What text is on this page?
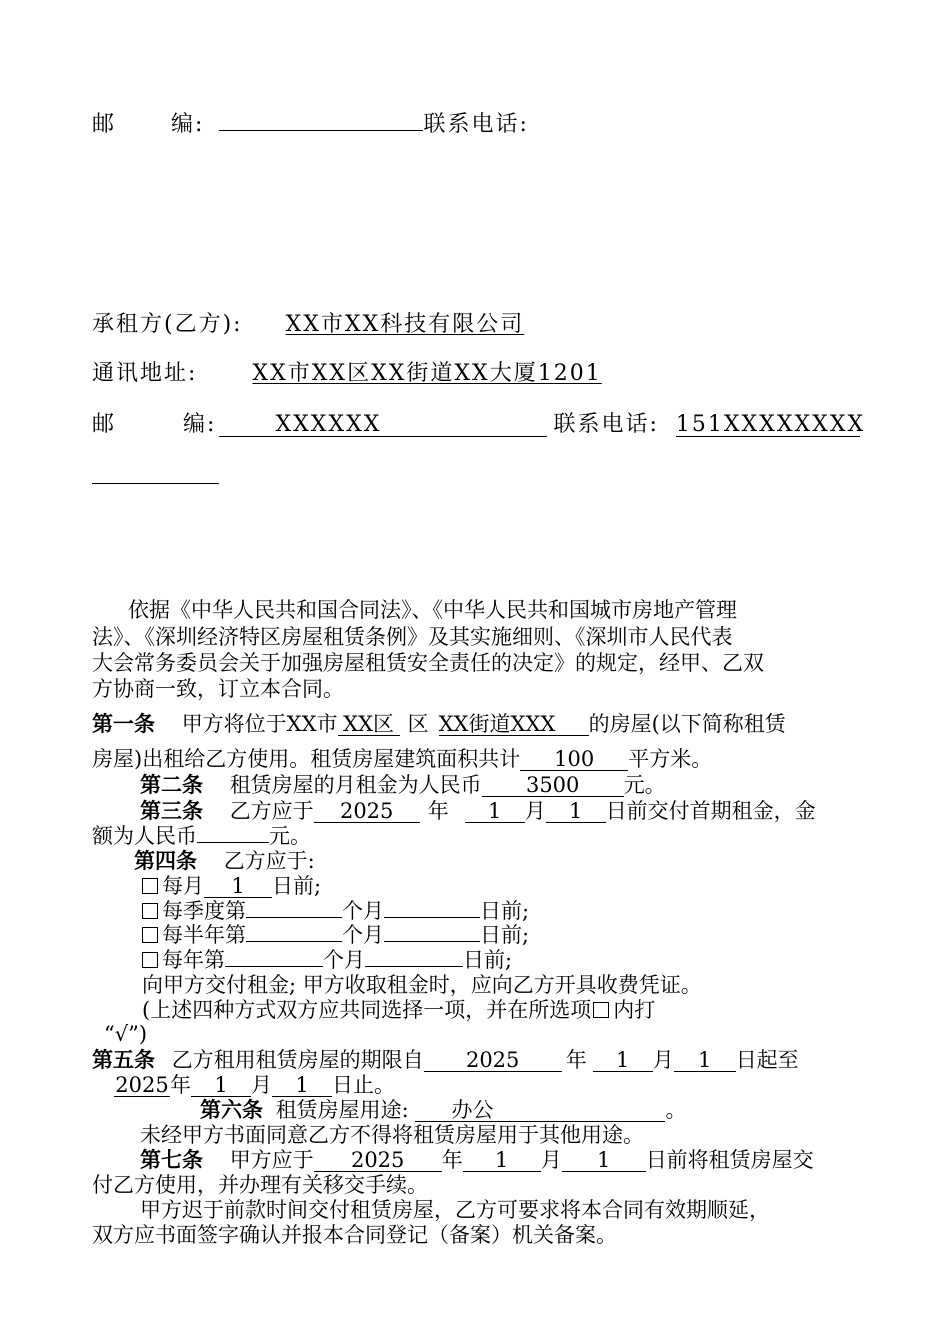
邮	编:	联系电话:
承租方(乙方): XX市XX科技有限公司
通讯地址:	XX市XX区XX街道XX大厦1201
邮	编:	XXXXXX	联系电话: 151XXXXXXXX
依据《中华人民共和国合同法》、《中华人民共和国城市房地产管理
法》、《深圳经济特区房屋租赁条例》及其实施细则、《深圳市人民代表
大会常务委员会关于加强房屋租赁安全责任的决定》的规定，经甲、乙双
方协商一致，订立本合同。
第一条 甲方将位于XX市 XX区 区 XX街道XXX 的房屋(以下简称租赁
房屋)出租给乙方使用。租赁房屋建筑面积共计 100 平方米。
第二条 租赁房屋的月租金为人民币 3500 元。
第三条 乙方应于 2025 年 1 月 1 日前交付首期租金，金
额为人民币	元。
第四条 乙方应于:
每月 1 日前;
每季度第	个月	日前;
每半年第	个月	日前;
每年第	个月	日前;
向甲方交付租金; 甲方收取租金时，应向乙方开具收费凭证。
(上述四种方式双方应共同选择一项，并在所选项 内打
“√”)
第五条 乙方租用租赁房屋的期限自 2025 年 1 月 1 日起至
2025年 1 月 1 日止。
第六条 租赁房屋用途: 办公	。
未经甲方书面同意乙方不得将租赁房屋用于其他用途。
第七条 甲方应于 2025 年 1 月 1 日前将租赁房屋交
付乙方使用，并办理有关移交手续。
甲方迟于前款时间交付租赁房屋，乙方可要求将本合同有效期顺延，
双方应书面签字确认并报本合同登记（备案）机关备案。
